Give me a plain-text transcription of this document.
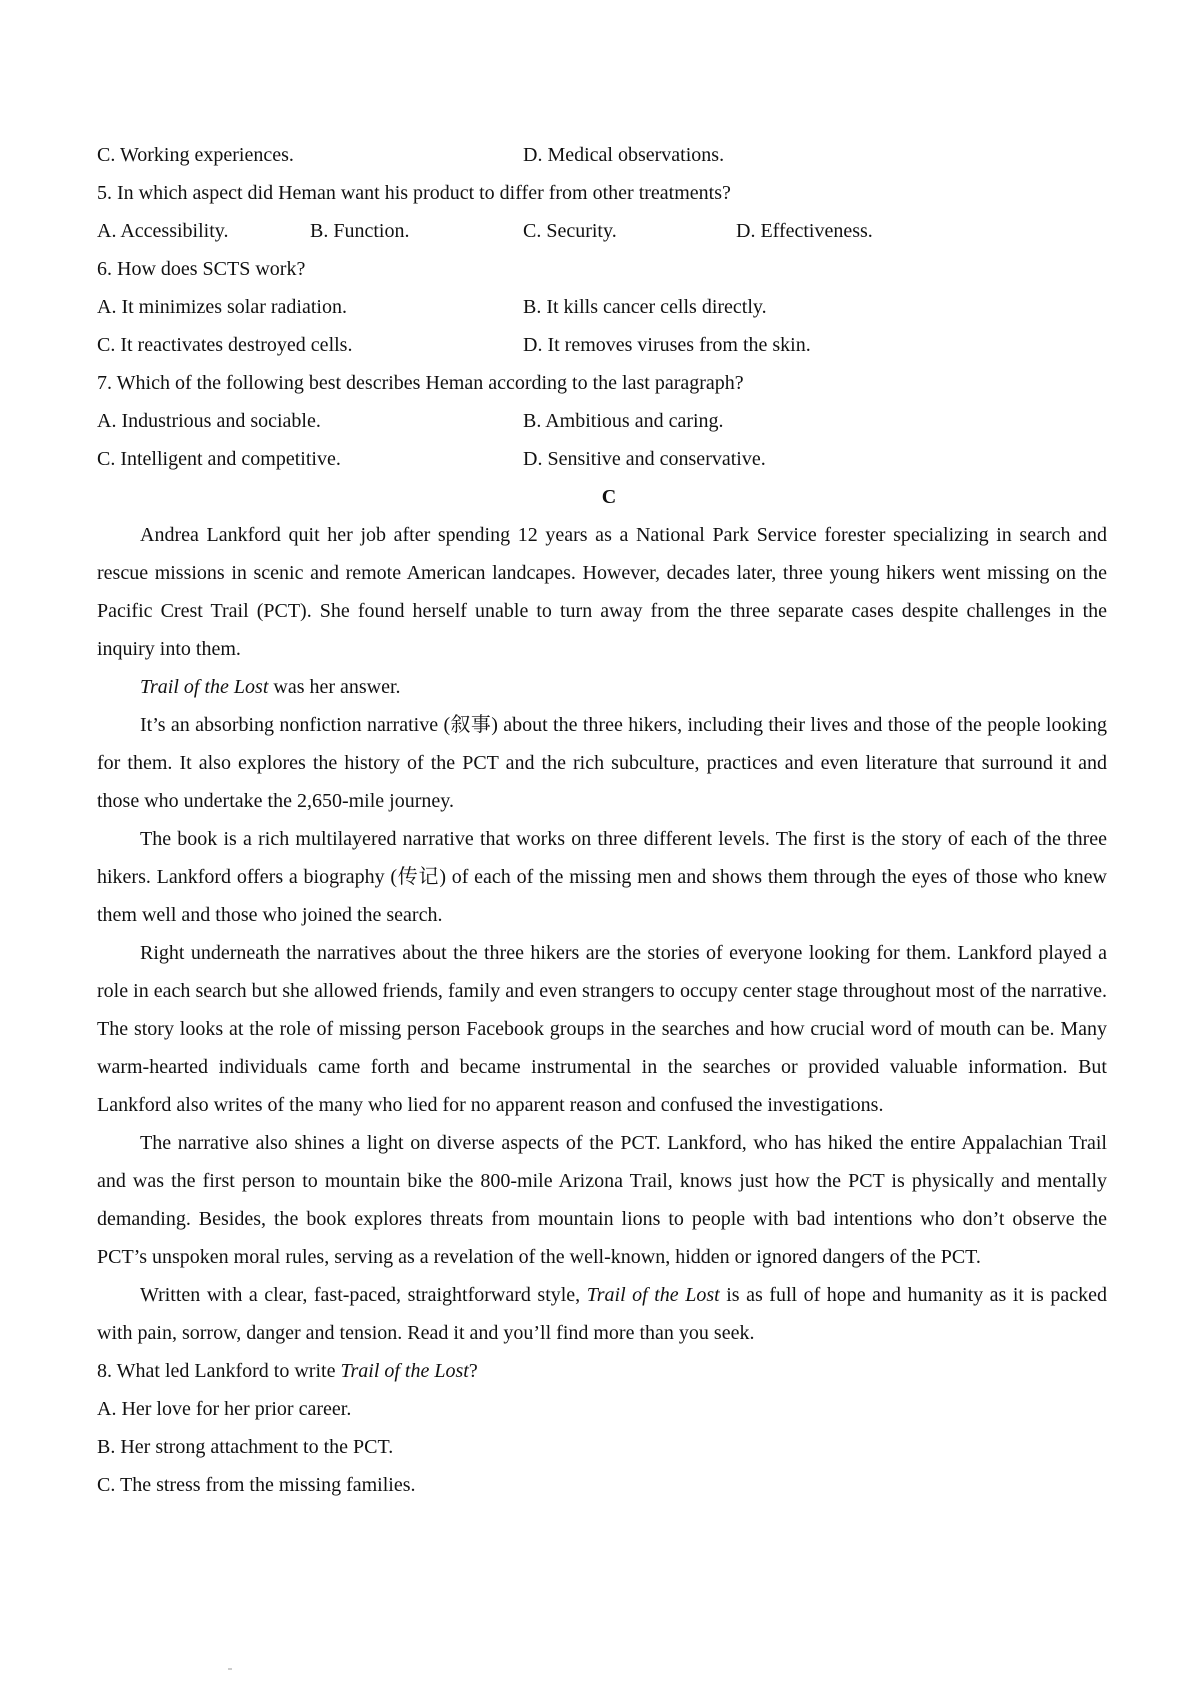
C. Working experiences.	D. Medical observations.
5. In which aspect did Heman want his product to differ from other treatments?
A. Accessibility.	B. Function.	C. Security.	D. Effectiveness.
6. How does SCTS work?
A. It minimizes solar radiation.	B. It kills cancer cells directly.
C. It reactivates destroyed cells.	D. It removes viruses from the skin.
7. Which of the following best describes Heman according to the last paragraph?
A. Industrious and sociable.	B. Ambitious and caring.
C. Intelligent and competitive.	D. Sensitive and conservative.
C

Andrea Lankford quit her job after spending 12 years as a National Park Service forester specializing in search and rescue missions in scenic and remote American landcapes. However, decades later, three young hikers went missing on the Pacific Crest Trail (PCT). She found herself unable to turn away from the three separate cases despite challenges in the inquiry into them.

Trail of the Lost was her answer.

It’s an absorbing nonfiction narrative (叙事) about the three hikers, including their lives and those of the people looking for them. It also explores the history of the PCT and the rich subculture, practices and even literature that surround it and those who undertake the 2,650-mile journey.

The book is a rich multilayered narrative that works on three different levels. The first is the story of each of the three hikers. Lankford offers a biography (传记) of each of the missing men and shows them through the eyes of those who knew them well and those who joined the search.

Right underneath the narratives about the three hikers are the stories of everyone looking for them. Lankford played a role in each search but she allowed friends, family and even strangers to occupy center stage throughout most of the narrative. The story looks at the role of missing person Facebook groups in the searches and how crucial word of mouth can be. Many warm-hearted individuals came forth and became instrumental in the searches or provided valuable information. But Lankford also writes of the many who lied for no apparent reason and confused the investigations.

The narrative also shines a light on diverse aspects of the PCT. Lankford, who has hiked the entire Appalachian Trail and was the first person to mountain bike the 800-mile Arizona Trail, knows just how the PCT is physically and mentally demanding. Besides, the book explores threats from mountain lions to people with bad intentions who don’t observe the PCT’s unspoken moral rules, serving as a revelation of the well-known, hidden or ignored dangers of the PCT.

Written with a clear, fast-paced, straightforward style, Trail of the Lost is as full of hope and humanity as it is packed with pain, sorrow, danger and tension. Read it and you’ll find more than you seek.

8. What led Lankford to write Trail of the Lost?
A. Her love for her prior career.
B. Her strong attachment to the PCT.
C. The stress from the missing families.
